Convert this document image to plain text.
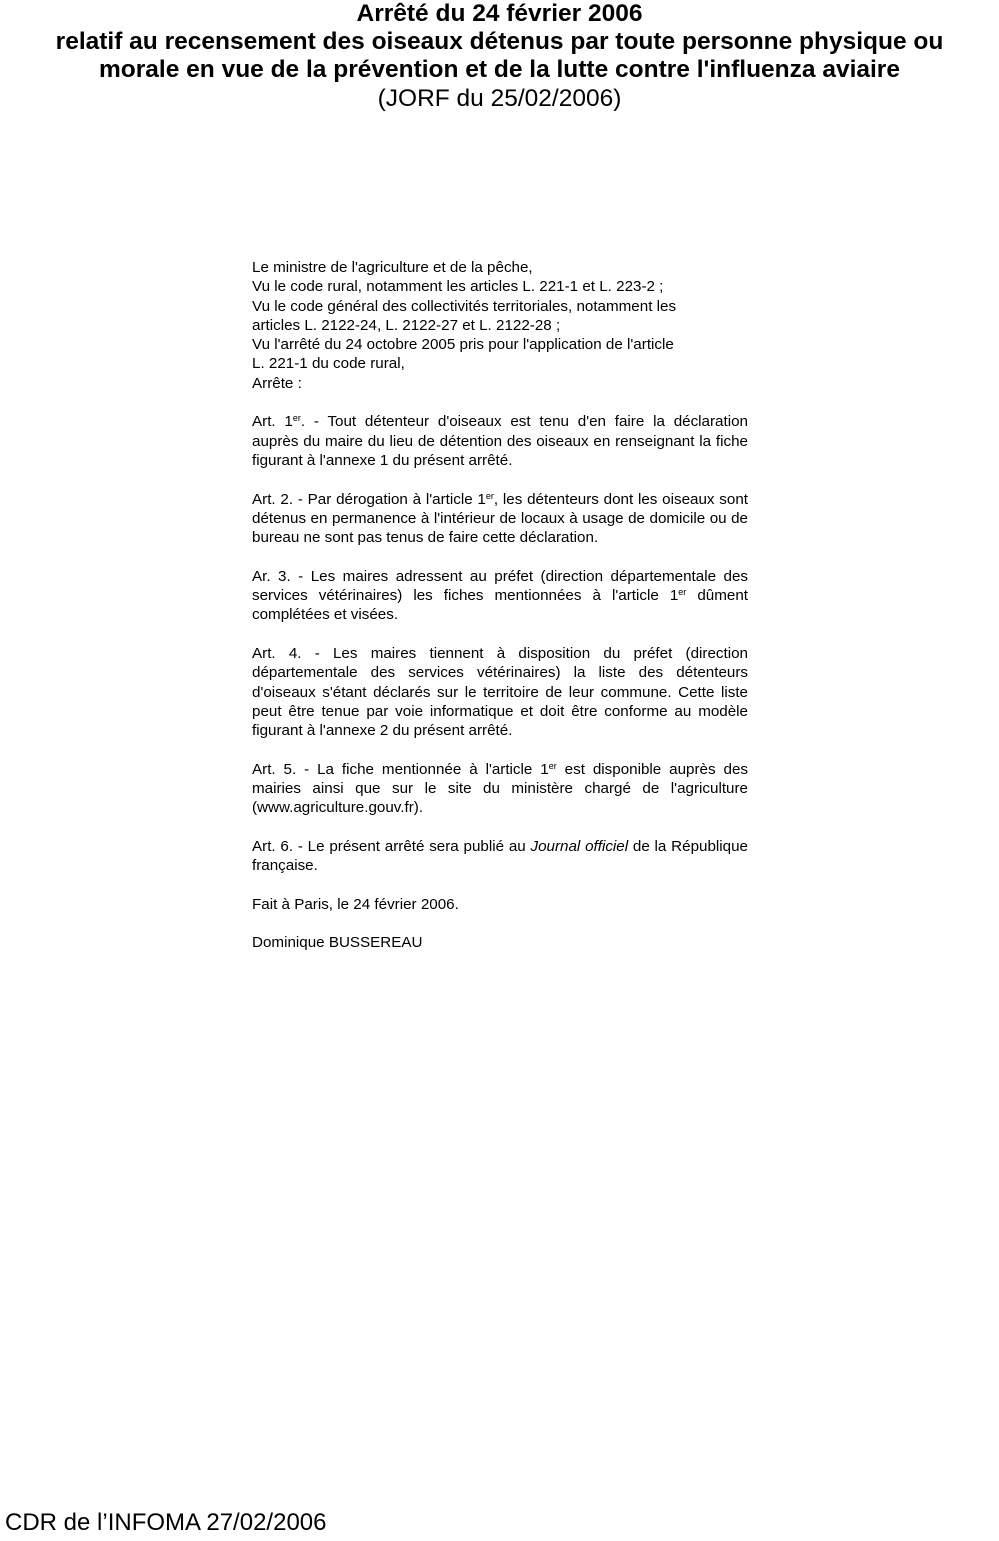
Arrêté du 24 février 2006
relatif au recensement des oiseaux détenus par toute personne physique ou
morale en vue de la prévention et de la lutte contre l'influenza aviaire
(JORF du 25/02/2006)
Le ministre de l'agriculture et de la pêche,
Vu le code rural, notamment les articles L. 221-1 et L. 223-2 ;
Vu le code général des collectivités territoriales, notamment les
articles L. 2122-24, L. 2122-27 et L. 2122-28 ;
Vu l'arrêté du 24 octobre 2005 pris pour l'application de l'article
L. 221-1 du code rural,
Arrête :

Art. 1er. - Tout détenteur d'oiseaux est tenu d'en faire la déclaration auprès du maire du lieu de détention des oiseaux en renseignant la fiche figurant à l'annexe 1 du présent arrêté.

Art. 2. - Par dérogation à l'article 1er, les détenteurs dont les oiseaux sont détenus en permanence à l'intérieur de locaux à usage de domicile ou de bureau ne sont pas tenus de faire cette déclaration.

Ar. 3. - Les maires adressent au préfet (direction départementale des services vétérinaires) les fiches mentionnées à l'article 1er dûment complétées et visées.

Art. 4. - Les maires tiennent à disposition du préfet (direction départementale des services vétérinaires) la liste des détenteurs d'oiseaux s'étant déclarés sur le territoire de leur commune. Cette liste peut être tenue par voie informatique et doit être conforme au modèle figurant à l'annexe 2 du présent arrêté.

Art. 5. - La fiche mentionnée à l'article 1er est disponible auprès des mairies ainsi que sur le site du ministère chargé de l'agriculture (www.agriculture.gouv.fr).

Art. 6. - Le présent arrêté sera publié au Journal officiel de la République française.

Fait à Paris, le 24 février 2006.

Dominique BUSSEREAU

CDR de l’INFOMA 27/02/2006
